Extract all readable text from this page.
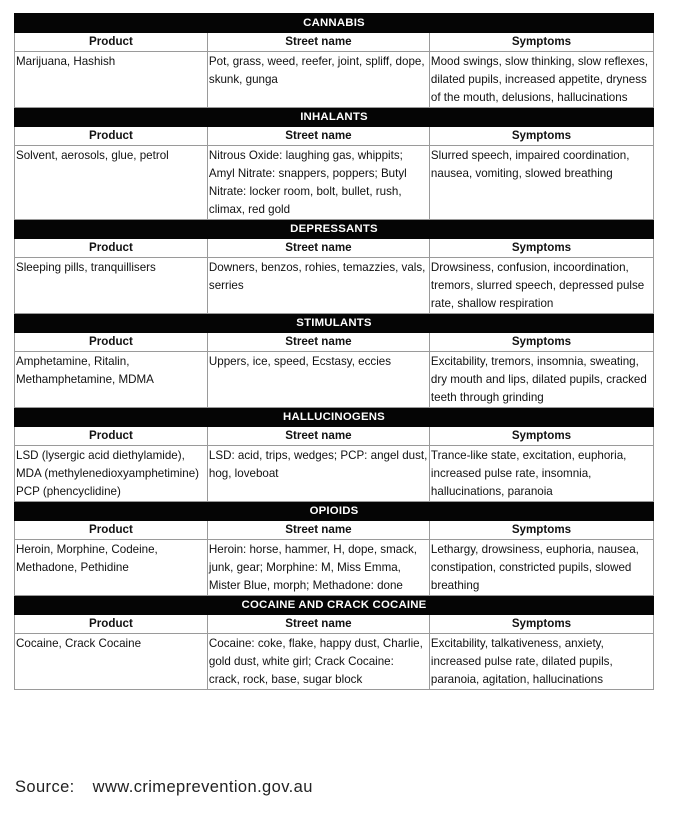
CANNABIS		
Product	Street name	Symptoms
Marijuana, Hashish	Pot, grass, weed, reefer, joint, spliff, dope, skunk, gunga	Mood swings, slow thinking, slow reflexes, dilated pupils, increased appetite, dryness of the mouth, delusions, hallucinations
INHALANTS		
Product	Street name	Symptoms
Solvent, aerosols, glue, petrol	Nitrous Oxide: laughing gas, whippits; Amyl Nitrate: snappers, poppers; Butyl Nitrate: locker room, bolt, bullet, rush, climax, red gold	Slurred speech, impaired coordination, nausea, vomiting, slowed breathing
DEPRESSANTS		
Product	Street name	Symptoms
Sleeping pills, tranquillisers	Downers, benzos, rohies, temazzies, vals, serries	Drowsiness, confusion, incoordination, tremors, slurred speech, depressed pulse rate, shallow respiration
STIMULANTS		
Product	Street name	Symptoms
Amphetamine, Ritalin, Methamphetamine, MDMA	Uppers, ice, speed, Ecstasy, eccies	Excitability, tremors, insomnia, sweating, dry mouth and lips, dilated pupils, cracked teeth through grinding
HALLUCINOGENS		
Product	Street name	Symptoms
LSD (lysergic acid diethylamide), MDA (methylenedioxyamphetimine) PCP (phencyclidine)	LSD: acid, trips, wedges; PCP: angel dust, hog, loveboat	Trance-like state, excitation, euphoria, increased pulse rate, insomnia, hallucinations, paranoia
OPIOIDS		
Product	Street name	Symptoms
Heroin, Morphine, Codeine, Methadone, Pethidine	Heroin: horse, hammer, H, dope, smack, junk, gear; Morphine: M, Miss Emma, Mister Blue, morph; Methadone: done	Lethargy, drowsiness, euphoria, nausea, constipation, constricted pupils, slowed breathing
COCAINE AND CRACK COCAINE		
Product	Street name	Symptoms
Cocaine, Crack Cocaine	Cocaine: coke, flake, happy dust, Charlie, gold dust, white girl; Crack Cocaine: crack, rock, base, sugar block	Excitability, talkativeness, anxiety, increased pulse rate, dilated pupils, paranoia, agitation, hallucinations
Source: www.crimeprevention.gov.au
